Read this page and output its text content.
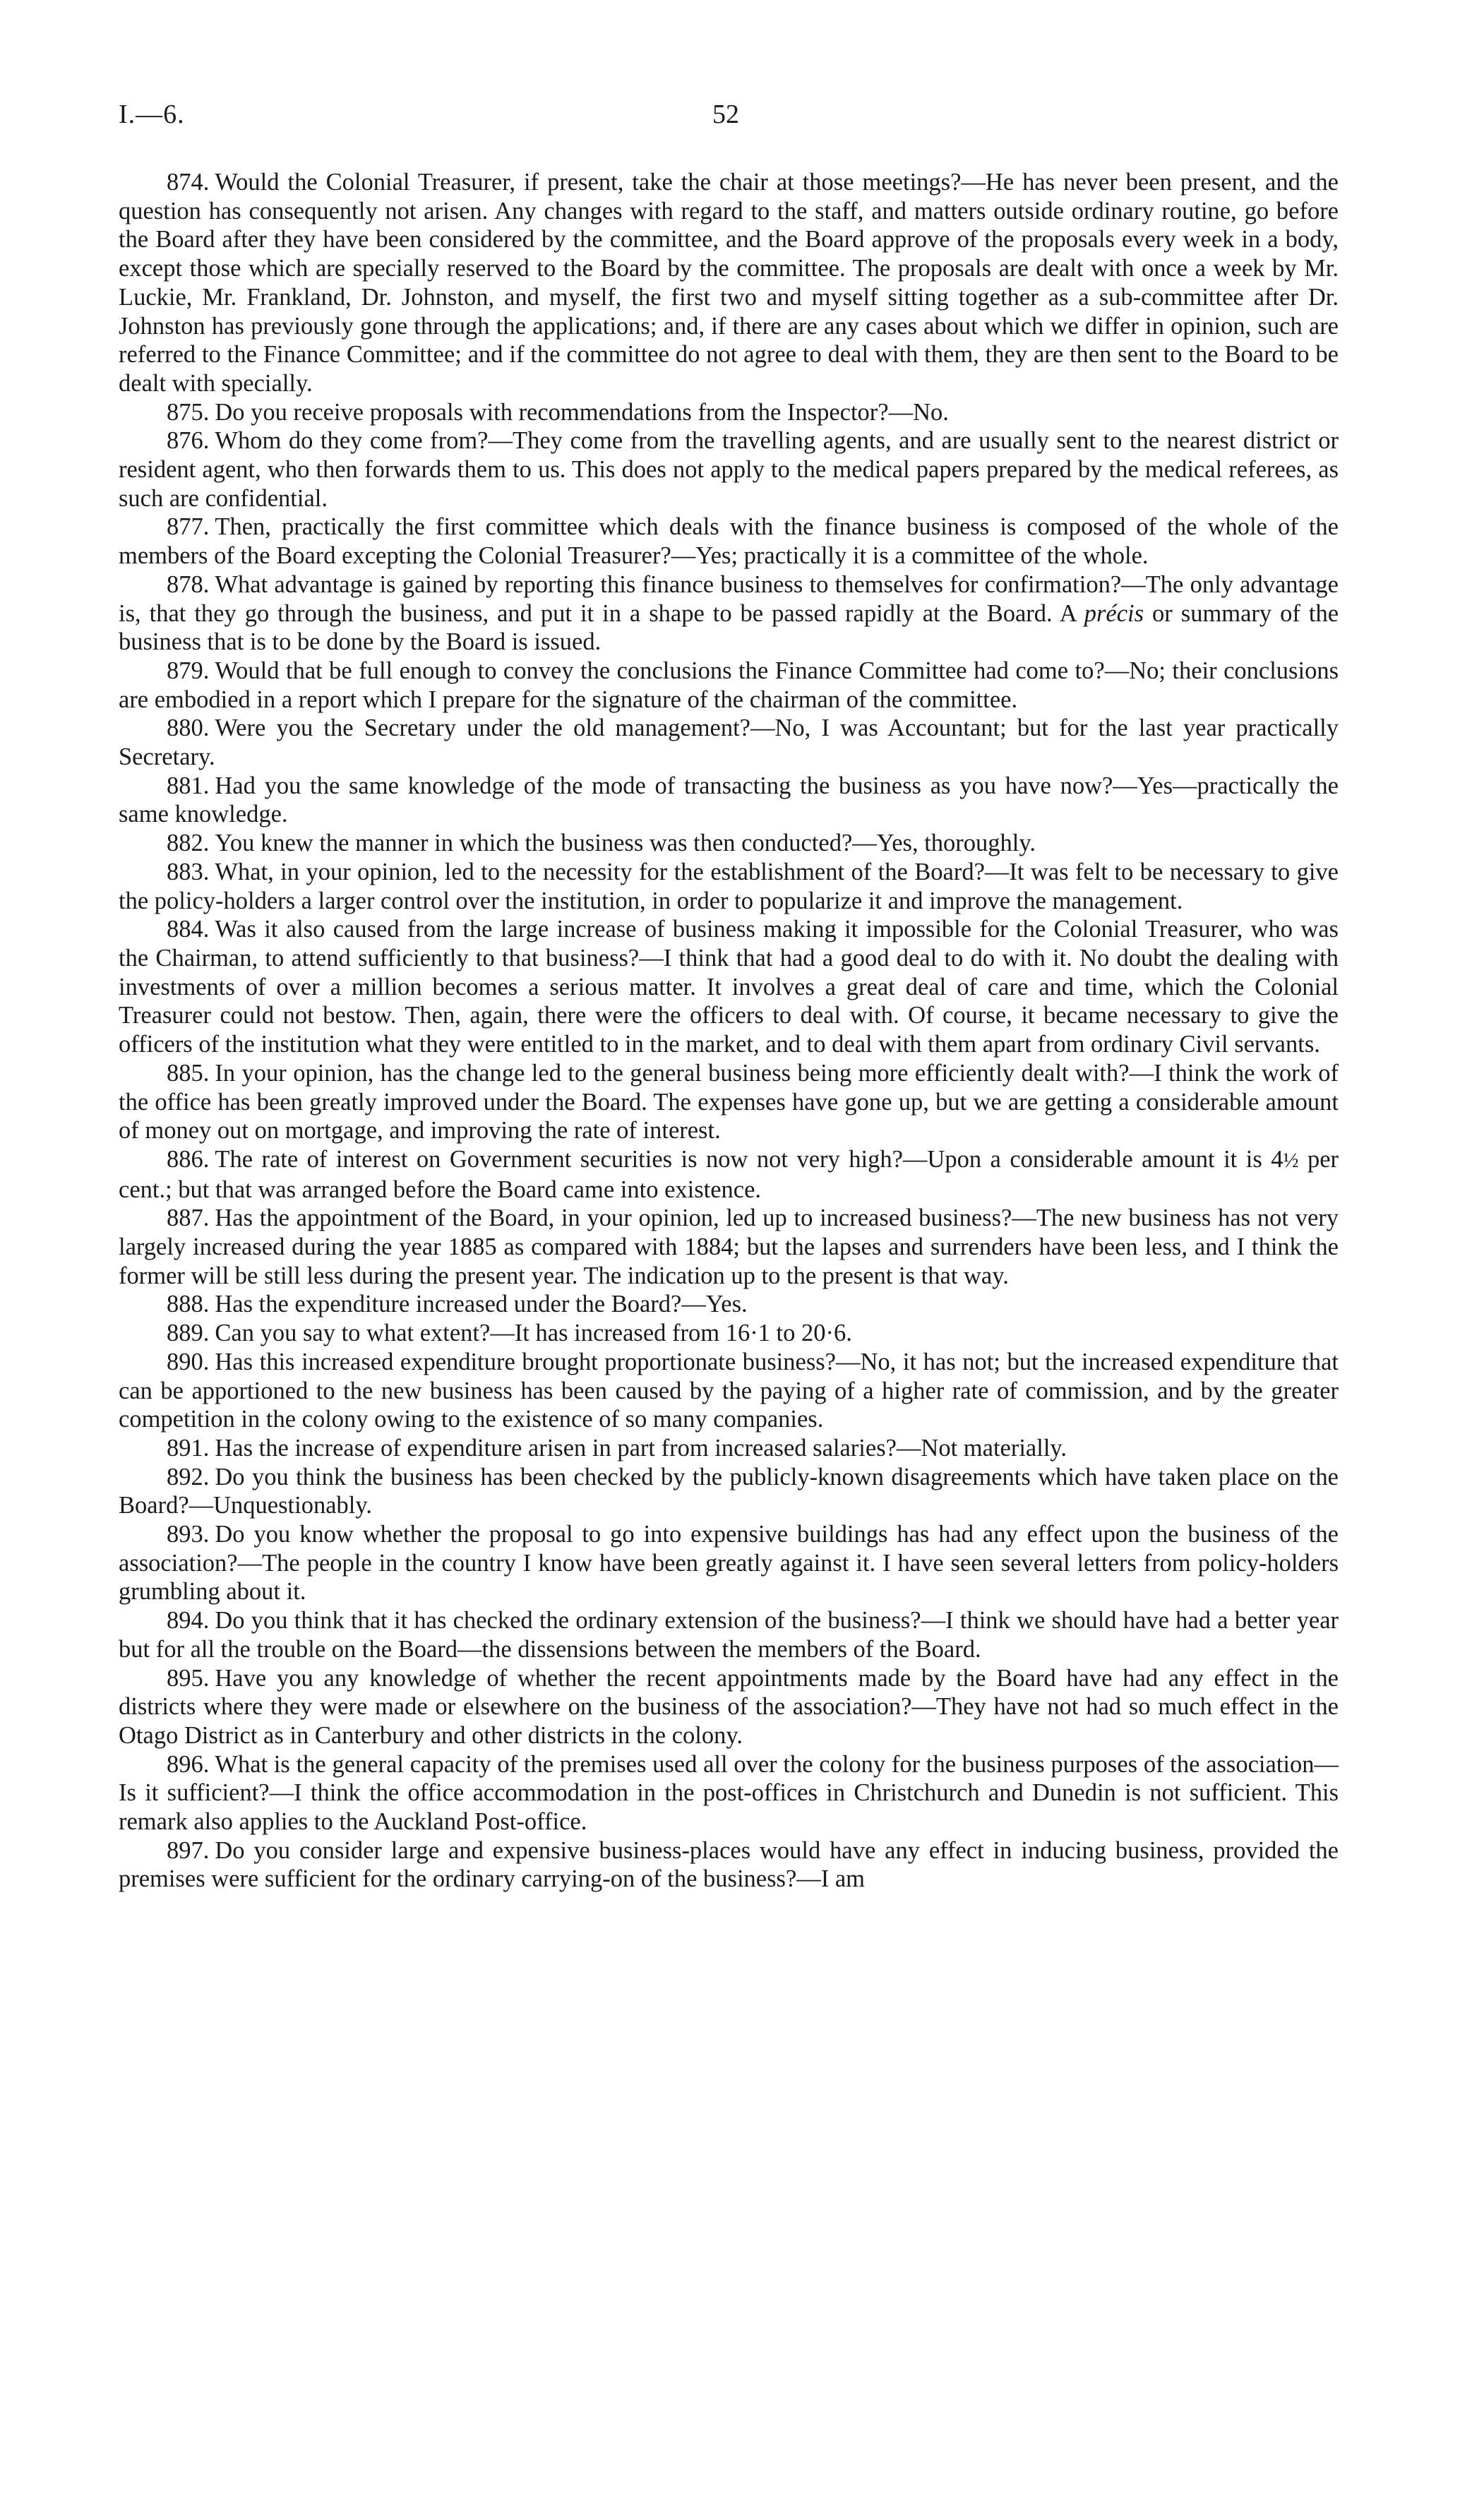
I.—6.	52

874. Would the Colonial Treasurer, if present, take the chair at those meetings?—He has never been present, and the question has consequently not arisen. Any changes with regard to the staff, and matters outside ordinary routine, go before the Board after they have been considered by the committee, and the Board approve of the proposals every week in a body, except those which are specially reserved to the Board by the committee. The proposals are dealt with once a week by Mr. Luckie, Mr. Frankland, Dr. Johnston, and myself, the first two and myself sitting together as a sub-committee after Dr. Johnston has previously gone through the applications; and, if there are any cases about which we differ in opinion, such are referred to the Finance Committee; and if the committee do not agree to deal with them, they are then sent to the Board to be dealt with specially.

875. Do you receive proposals with recommendations from the Inspector?—No.

876. Whom do they come from?—They come from the travelling agents, and are usually sent to the nearest district or resident agent, who then forwards them to us. This does not apply to the medical papers prepared by the medical referees, as such are confidential.

877. Then, practically the first committee which deals with the finance business is composed of the whole of the members of the Board excepting the Colonial Treasurer?—Yes; practically it is a committee of the whole.

878. What advantage is gained by reporting this finance business to themselves for confirmation?—The only advantage is, that they go through the business, and put it in a shape to be passed rapidly at the Board. A précis or summary of the business that is to be done by the Board is issued.

879. Would that be full enough to convey the conclusions the Finance Committee had come to?—No; their conclusions are embodied in a report which I prepare for the signature of the chairman of the committee.

880. Were you the Secretary under the old management?—No, I was Accountant; but for the last year practically Secretary.

881. Had you the same knowledge of the mode of transacting the business as you have now?—Yes—practically the same knowledge.

882. You knew the manner in which the business was then conducted?—Yes, thoroughly.

883. What, in your opinion, led to the necessity for the establishment of the Board?—It was felt to be necessary to give the policy-holders a larger control over the institution, in order to popularize it and improve the management.

884. Was it also caused from the large increase of business making it impossible for the Colonial Treasurer, who was the Chairman, to attend sufficiently to that business?—I think that had a good deal to do with it. No doubt the dealing with investments of over a million becomes a serious matter. It involves a great deal of care and time, which the Colonial Treasurer could not bestow. Then, again, there were the officers to deal with. Of course, it became necessary to give the officers of the institution what they were entitled to in the market, and to deal with them apart from ordinary Civil servants.

885. In your opinion, has the change led to the general business being more efficiently dealt with?—I think the work of the office has been greatly improved under the Board. The expenses have gone up, but we are getting a considerable amount of money out on mortgage, and improving the rate of interest.

886. The rate of interest on Government securities is now not very high?—Upon a considerable amount it is 4½ per cent.; but that was arranged before the Board came into existence.

887. Has the appointment of the Board, in your opinion, led up to increased business?—The new business has not very largely increased during the year 1885 as compared with 1884; but the lapses and surrenders have been less, and I think the former will be still less during the present year. The indication up to the present is that way.

888. Has the expenditure increased under the Board?—Yes.

889. Can you say to what extent?—It has increased from 16·1 to 20·6.

890. Has this increased expenditure brought proportionate business?—No, it has not; but the increased expenditure that can be apportioned to the new business has been caused by the paying of a higher rate of commission, and by the greater competition in the colony owing to the existence of so many companies.

891. Has the increase of expenditure arisen in part from increased salaries?—Not materially.

892. Do you think the business has been checked by the publicly-known disagreements which have taken place on the Board?—Unquestionably.

893. Do you know whether the proposal to go into expensive buildings has had any effect upon the business of the association?—The people in the country I know have been greatly against it. I have seen several letters from policy-holders grumbling about it.

894. Do you think that it has checked the ordinary extension of the business?—I think we should have had a better year but for all the trouble on the Board—the dissensions between the members of the Board.

895. Have you any knowledge of whether the recent appointments made by the Board have had any effect in the districts where they were made or elsewhere on the business of the association?—They have not had so much effect in the Otago District as in Canterbury and other districts in the colony.

896. What is the general capacity of the premises used all over the colony for the business purposes of the association—Is it sufficient?—I think the office accommodation in the post-offices in Christchurch and Dunedin is not sufficient. This remark also applies to the Auckland Post-office.

897. Do you consider large and expensive business-places would have any effect in inducing business, provided the premises were sufficient for the ordinary carrying-on of the business?—I am
